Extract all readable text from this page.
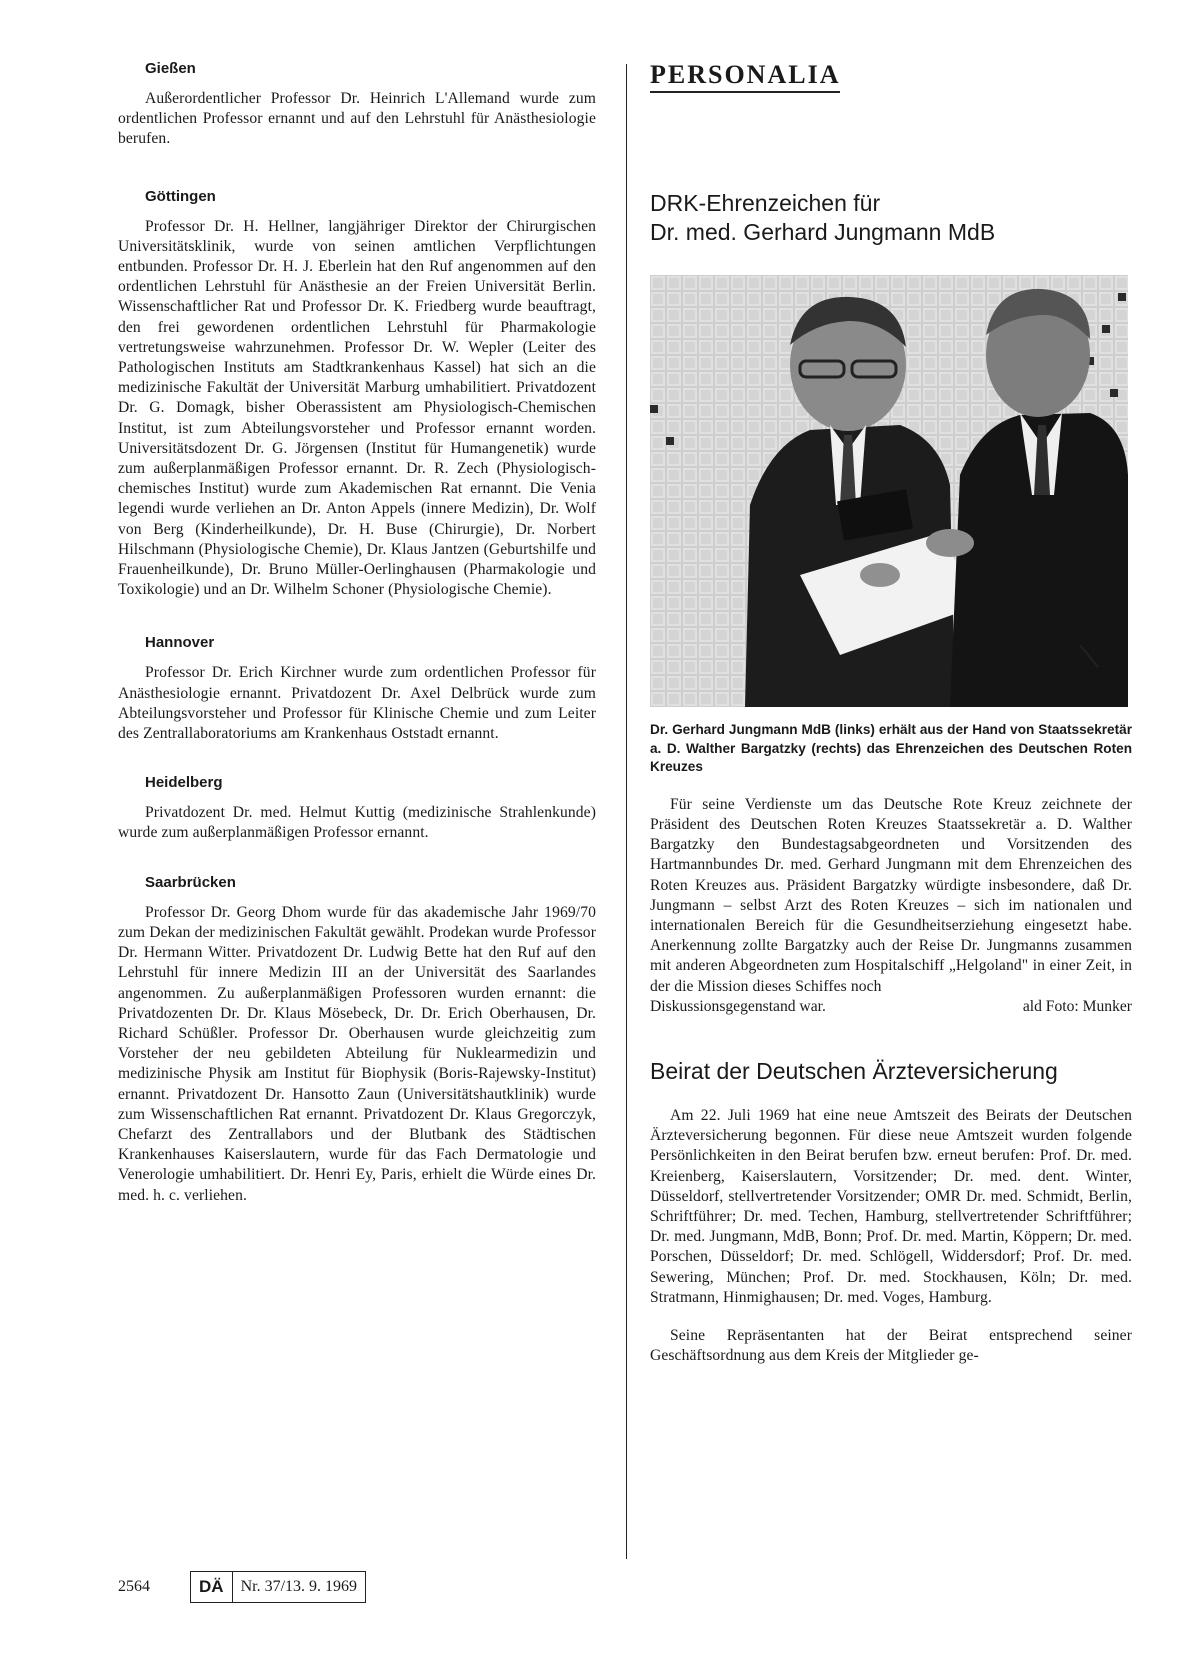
Gießen

Außerordentlicher Professor Dr. Heinrich L'Allemand wurde zum ordentlichen Professor ernannt und auf den Lehrstuhl für Anästhesiologie berufen.

Göttingen

Professor Dr. H. Hellner, langjähriger Direktor der Chirurgischen Universitätsklinik, wurde von seinen amtlichen Verpflichtungen entbunden. Professor Dr. H. J. Eberlein hat den Ruf angenommen auf den ordentlichen Lehrstuhl für Anästhesie an der Freien Universität Berlin. Wissenschaftlicher Rat und Professor Dr. K. Friedberg wurde beauftragt, den frei gewordenen ordentlichen Lehrstuhl für Pharmakologie vertretungsweise wahrzunehmen. Professor Dr. W. Wepler (Leiter des Pathologischen Instituts am Stadtkrankenhaus Kassel) hat sich an die medizinische Fakultät der Universität Marburg umhabilitiert. Privatdozent Dr. G. Domagk, bisher Oberassistent am Physiologisch-Chemischen Institut, ist zum Abteilungsvorsteher und Professor ernannt worden. Universitätsdozent Dr. G. Jörgensen (Institut für Humangenetik) wurde zum außerplanmäßigen Professor ernannt. Dr. R. Zech (Physiologisch-chemisches Institut) wurde zum Akademischen Rat ernannt. Die Venia legendi wurde verliehen an Dr. Anton Appels (innere Medizin), Dr. Wolf von Berg (Kinderheilkunde), Dr. H. Buse (Chirurgie), Dr. Norbert Hilschmann (Physiologische Chemie), Dr. Klaus Jantzen (Geburtshilfe und Frauenheilkunde), Dr. Bruno Müller-Oerlinghausen (Pharmakologie und Toxikologie) und an Dr. Wilhelm Schoner (Physiologische Chemie).

Hannover

Professor Dr. Erich Kirchner wurde zum ordentlichen Professor für Anästhesiologie ernannt. Privatdozent Dr. Axel Delbrück wurde zum Abteilungsvorsteher und Professor für Klinische Chemie und zum Leiter des Zentrallaboratoriums am Krankenhaus Oststadt ernannt.

Heidelberg

Privatdozent Dr. med. Helmut Kuttig (medizinische Strahlenkunde) wurde zum außerplanmäßigen Professor ernannt.

Saarbrücken

Professor Dr. Georg Dhom wurde für das akademische Jahr 1969/70 zum Dekan der medizinischen Fakultät gewählt. Prodekan wurde Professor Dr. Hermann Witter. Privatdozent Dr. Ludwig Bette hat den Ruf auf den Lehrstuhl für innere Medizin III an der Universität des Saarlandes angenommen. Zu außerplanmäßigen Professoren wurden ernannt: die Privatdozenten Dr. Dr. Klaus Mösebeck, Dr. Dr. Erich Oberhausen, Dr. Richard Schüßler. Professor Dr. Oberhausen wurde gleichzeitig zum Vorsteher der neu gebildeten Abteilung für Nuklearmedizin und medizinische Physik am Institut für Biophysik (Boris-Rajewsky-Institut) ernannt. Privatdozent Dr. Hansotto Zaun (Universitätshautklinik) wurde zum Wissenschaftlichen Rat ernannt. Privatdozent Dr. Klaus Gregorczyk, Chefarzt des Zentrallabors und der Blutbank des Städtischen Krankenhauses Kaiserslautern, wurde für das Fach Dermatologie und Venerologie umhabilitiert. Dr. Henri Ey, Paris, erhielt die Würde eines Dr. med. h. c. verliehen.

PERSONALIA
DRK-Ehrenzeichen für
Dr. med. Gerhard Jungmann MdB

Dr. Gerhard Jungmann MdB (links) erhält aus der Hand von Staatssekretär a. D. Walther Bargatzky (rechts) das Ehrenzeichen des Deutschen Roten Kreuzes

Für seine Verdienste um das Deutsche Rote Kreuz zeichnete der Präsident des Deutschen Roten Kreuzes Staatssekretär a. D. Walther Bargatzky den Bundestagsabgeordneten und Vorsitzenden des Hartmannbundes Dr. med. Gerhard Jungmann mit dem Ehrenzeichen des Roten Kreuzes aus. Präsident Bargatzky würdigte insbesondere, daß Dr. Jungmann – selbst Arzt des Roten Kreuzes – sich im nationalen und internationalen Bereich für die Gesundheitserziehung eingesetzt habe. Anerkennung zollte Bargatzky auch der Reise Dr. Jungmanns zusammen mit anderen Abgeordneten zum Hospitalschiff „Helgoland" in einer Zeit, in der die Mission dieses Schiffes noch

Diskussionsgegenstand war.	ald Foto: Munker
Beirat der Deutschen Ärzteversicherung

Am 22. Juli 1969 hat eine neue Amtszeit des Beirats der Deutschen Ärzteversicherung begonnen. Für diese neue Amtszeit wurden folgende Persönlichkeiten in den Beirat berufen bzw. erneut berufen: Prof. Dr. med. Kreienberg, Kaiserslautern, Vorsitzender; Dr. med. dent. Winter, Düsseldorf, stellvertretender Vorsitzender; OMR Dr. med. Schmidt, Berlin, Schriftführer; Dr. med. Techen, Hamburg, stellvertretender Schriftführer; Dr. med. Jungmann, MdB, Bonn; Prof. Dr. med. Martin, Köppern; Dr. med. Porschen, Düsseldorf; Dr. med. Schlögell, Widdersdorf; Prof. Dr. med. Sewering, München; Prof. Dr. med. Stockhausen, Köln; Dr. med. Stratmann, Hinmighausen; Dr. med. Voges, Hamburg.

Seine Repräsentanten hat der Beirat entsprechend seiner Geschäftsordnung aus dem Kreis der Mitglieder ge-

2564	DÄ	Nr. 37/13. 9. 1969
